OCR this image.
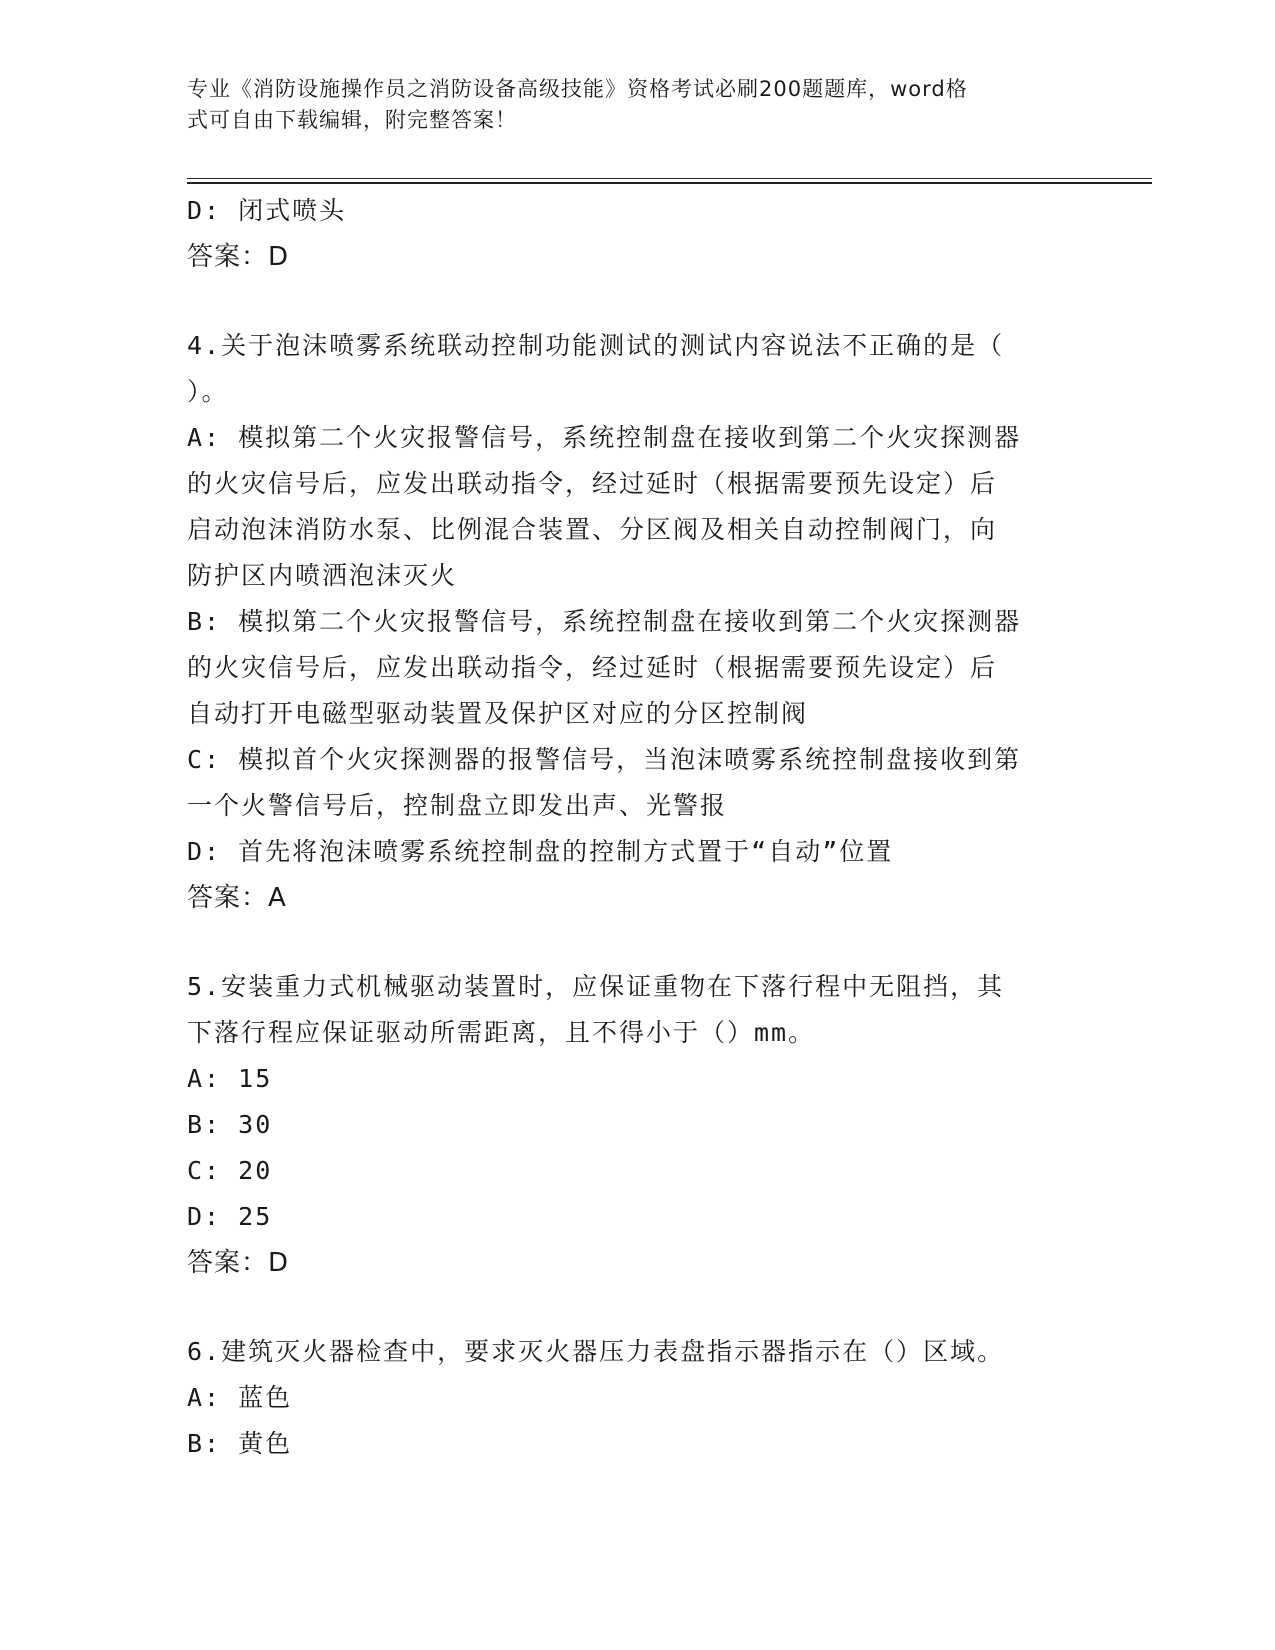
专业《消防设施操作员之消防设备高级技能》资格考试必刷200题题库，word格
式可自由下载编辑，附完整答案！

D: 闭式喷头

答案：D

4.关于泡沫喷雾系统联动控制功能测试的测试内容说法不正确的是（

）。

A: 模拟第二个火灾报警信号，系统控制盘在接收到第二个火灾探测器

的火灾信号后，应发出联动指令，经过延时（根据需要预先设定）后

启动泡沫消防水泵、比例混合装置、分区阀及相关自动控制阀门，向

防护区内喷洒泡沫灭火

B: 模拟第二个火灾报警信号，系统控制盘在接收到第二个火灾探测器

的火灾信号后，应发出联动指令，经过延时（根据需要预先设定）后

自动打开电磁型驱动装置及保护区对应的分区控制阀

C: 模拟首个火灾探测器的报警信号，当泡沫喷雾系统控制盘接收到第

一个火警信号后，控制盘立即发出声、光警报

D: 首先将泡沫喷雾系统控制盘的控制方式置于“自动”位置

答案：A

5.安装重力式机械驱动装置时，应保证重物在下落行程中无阻挡，其

下落行程应保证驱动所需距离，且不得小于（）mm。

A: 15

B: 30

C: 20

D: 25

答案：D

6.建筑灭火器检查中，要求灭火器压力表盘指示器指示在（）区域。

A: 蓝色

B: 黄色
